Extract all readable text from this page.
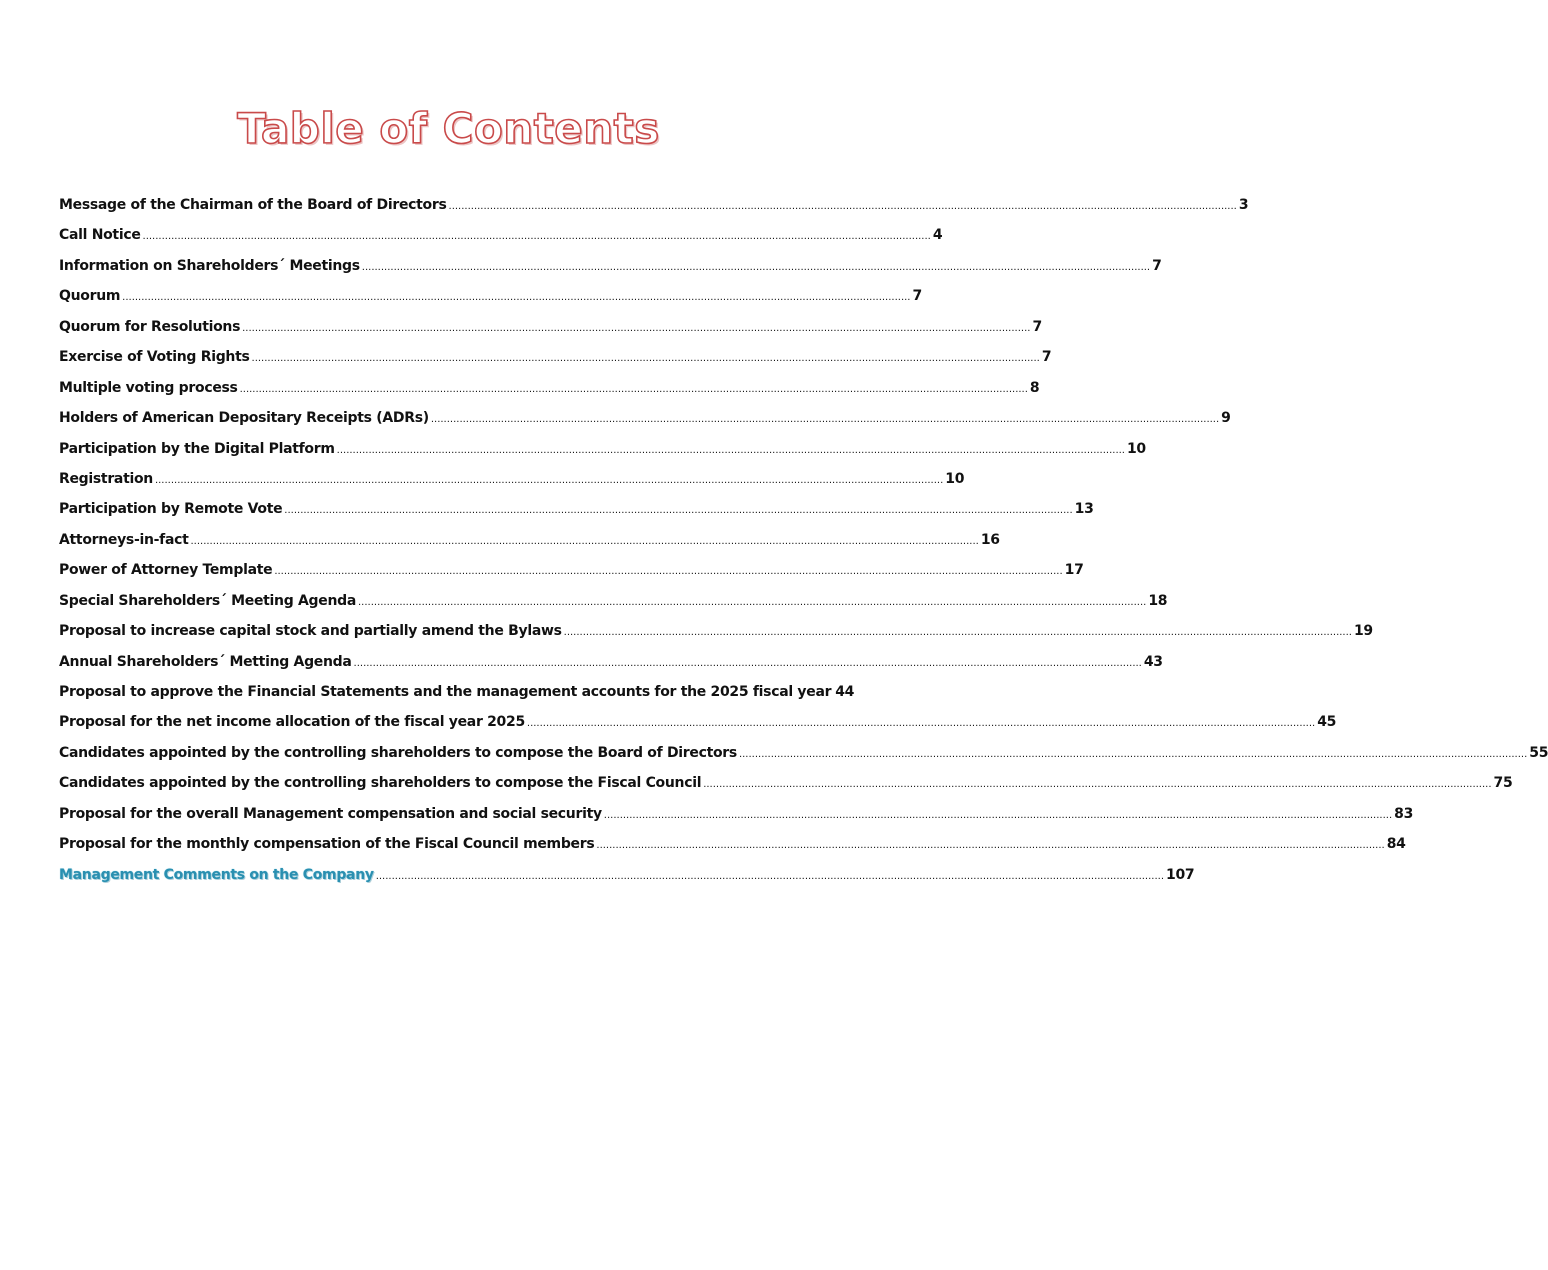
Table of Contents
Message of the Chairman of the Board of Directors .....	3
Call Notice .....	4
Information on Shareholders´ Meetings .....	7
Quorum .....	7
Quorum for Resolutions .....	7
Exercise of Voting Rights .....	7
Multiple voting process .....	8
Holders of American Depositary Receipts (ADRs) .....	9
Participation by the Digital Platform .....	10
Registration .....	10
Participation by Remote Vote .....	13
Attorneys-in-fact .....	16
Power of Attorney Template .....	17
Special Shareholders´ Meeting Agenda .....	18
Proposal to increase capital stock and partially amend the Bylaws .....	19
Annual Shareholders´ Metting Agenda .....	43
Proposal to approve the Financial Statements and the management accounts for the 2025 fiscal year 44
Proposal for the net income allocation of the fiscal year 2025 .....	45
Candidates appointed by the controlling shareholders to compose the Board of Directors .....	55
Candidates appointed by the controlling shareholders to compose the Fiscal Council .....	75
Proposal for the overall Management compensation and social security .....	83
Proposal for the monthly compensation of the Fiscal Council members .....	84
Management Comments on the Company .....	107
